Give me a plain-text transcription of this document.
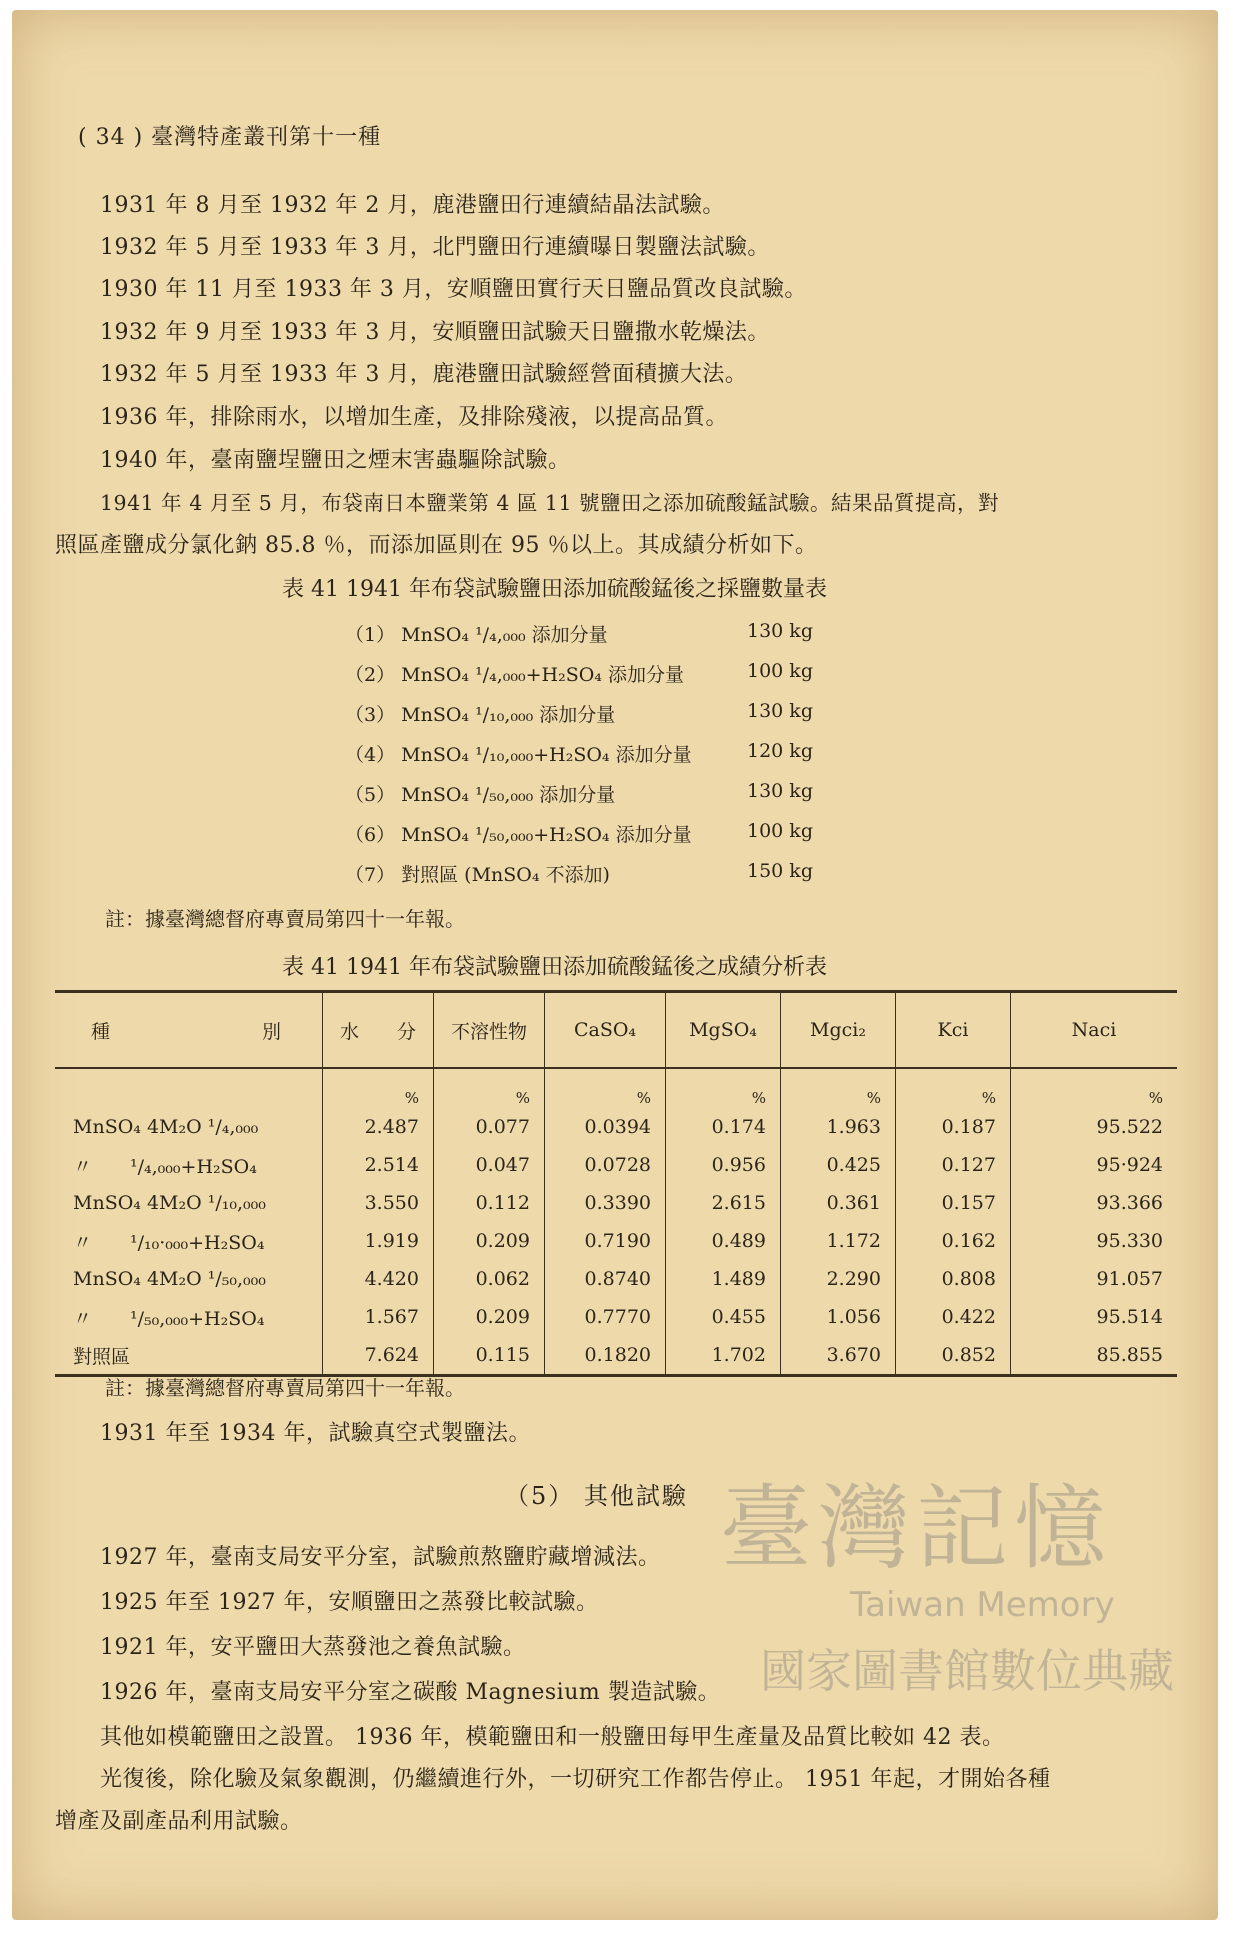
( 34 ) 臺灣特產叢刊第十一種
1931 年 8 月至 1932 年 2 月，鹿港鹽田行連續結晶法試驗。
1932 年 5 月至 1933 年 3 月，北門鹽田行連續曝日製鹽法試驗。
1930 年 11 月至 1933 年 3 月，安順鹽田實行天日鹽品質改良試驗。
1932 年 9 月至 1933 年 3 月，安順鹽田試驗天日鹽撒水乾燥法。
1932 年 5 月至 1933 年 3 月，鹿港鹽田試驗經營面積擴大法。
1936 年，排除雨水，以增加生產，及排除殘液，以提高品質。
1940 年，臺南鹽埕鹽田之煙末害蟲驅除試驗。
1941 年 4 月至 5 月，布袋南日本鹽業第 4 區 11 號鹽田之添加硫酸錳試驗。結果品質提高，對
照區產鹽成分氯化鈉 85.8 ％，而添加區則在 95 ％以上。其成績分析如下。
表 41 1941 年布袋試驗鹽田添加硫酸錳後之採鹽數量表
（1） MnSO₄ ¹/₄,₀₀₀ 添加分量	130 kg
（2） MnSO₄ ¹/₄,₀₀₀+H₂SO₄ 添加分量	100 kg
（3） MnSO₄ ¹/₁₀,₀₀₀ 添加分量	130 kg
（4） MnSO₄ ¹/₁₀,₀₀₀+H₂SO₄ 添加分量	120 kg
（5） MnSO₄ ¹/₅₀,₀₀₀ 添加分量	130 kg
（6） MnSO₄ ¹/₅₀,₀₀₀+H₂SO₄ 添加分量	100 kg
（7） 對照區 (MnSO₄ 不添加)	150 kg
註：據臺灣總督府專賣局第四十一年報。
表 41 1941 年布袋試驗鹽田添加硫酸錳後之成績分析表
種　　　　　　　　別	水　　分	不溶性物	CaSO₄	MgSO₄	Mgci₂	Kci	Naci
	%	%	%	%	%	%	%
MnSO₄ 4M₂O ¹/₄,₀₀₀	2.487	0.077	0.0394	0.174	1.963	0.187	95.522
〃　　¹/₄,₀₀₀+H₂SO₄	2.514	0.047	0.0728	0.956	0.425	0.127	95·924
MnSO₄ 4M₂O ¹/₁₀,₀₀₀	3.550	0.112	0.3390	2.615	0.361	0.157	93.366
〃　　¹/₁₀·₀₀₀+H₂SO₄	1.919	0.209	0.7190	0.489	1.172	0.162	95.330
MnSO₄ 4M₂O ¹/₅₀,₀₀₀	4.420	0.062	0.8740	1.489	2.290	0.808	91.057
〃　　¹/₅₀,₀₀₀+H₂SO₄	1.567	0.209	0.7770	0.455	1.056	0.422	95.514
對照區	7.624	0.115	0.1820	1.702	3.670	0.852	85.855
註：據臺灣總督府專賣局第四十一年報。
1931 年至 1934 年，試驗真空式製鹽法。
（5） 其他試驗
1927 年，臺南支局安平分室，試驗煎熬鹽貯藏增減法。
1925 年至 1927 年，安順鹽田之蒸發比較試驗。
1921 年，安平鹽田大蒸發池之養魚試驗。
1926 年，臺南支局安平分室之碳酸 Magnesium 製造試驗。
其他如模範鹽田之設置。 1936 年，模範鹽田和一般鹽田每甲生產量及品質比較如 42 表。
光復後，除化驗及氣象觀測，仍繼續進行外，一切研究工作都告停止。 1951 年起，才開始各種
增產及副產品利用試驗。
臺灣記憶
Taiwan Memory
國家圖書館數位典藏
